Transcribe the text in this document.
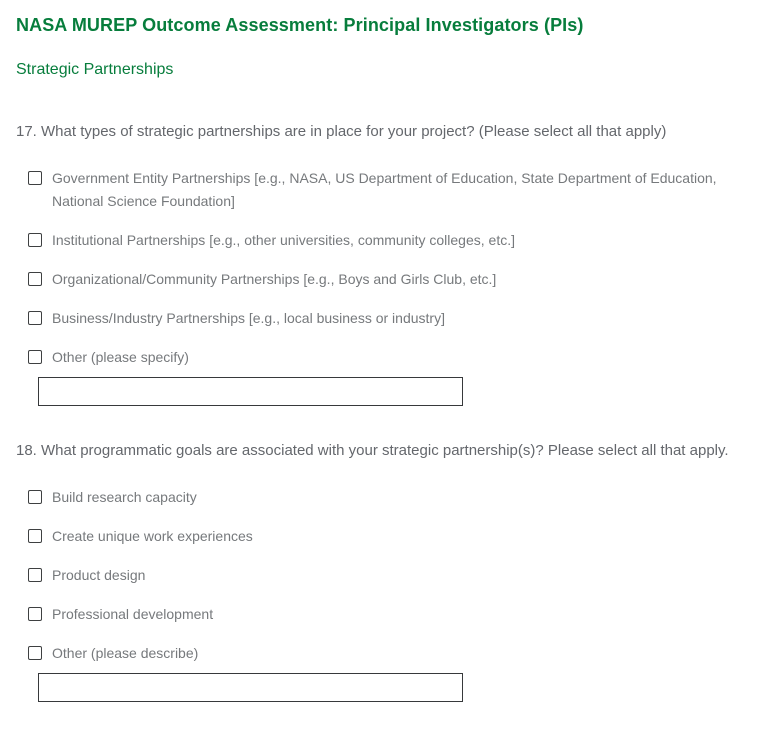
NASA MUREP Outcome Assessment: Principal Investigators (PIs)
Strategic Partnerships
17. What types of strategic partnerships are in place for your project? (Please select all that apply)
Government Entity Partnerships [e.g., NASA, US Department of Education, State Department of Education, National Science Foundation]
Institutional Partnerships [e.g., other universities, community colleges, etc.]
Organizational/Community Partnerships [e.g., Boys and Girls Club, etc.]
Business/Industry Partnerships [e.g., local business or industry]
Other (please specify)
18. What programmatic goals are associated with your strategic partnership(s)? Please select all that apply.
Build research capacity
Create unique work experiences
Product design
Professional development
Other (please describe)
